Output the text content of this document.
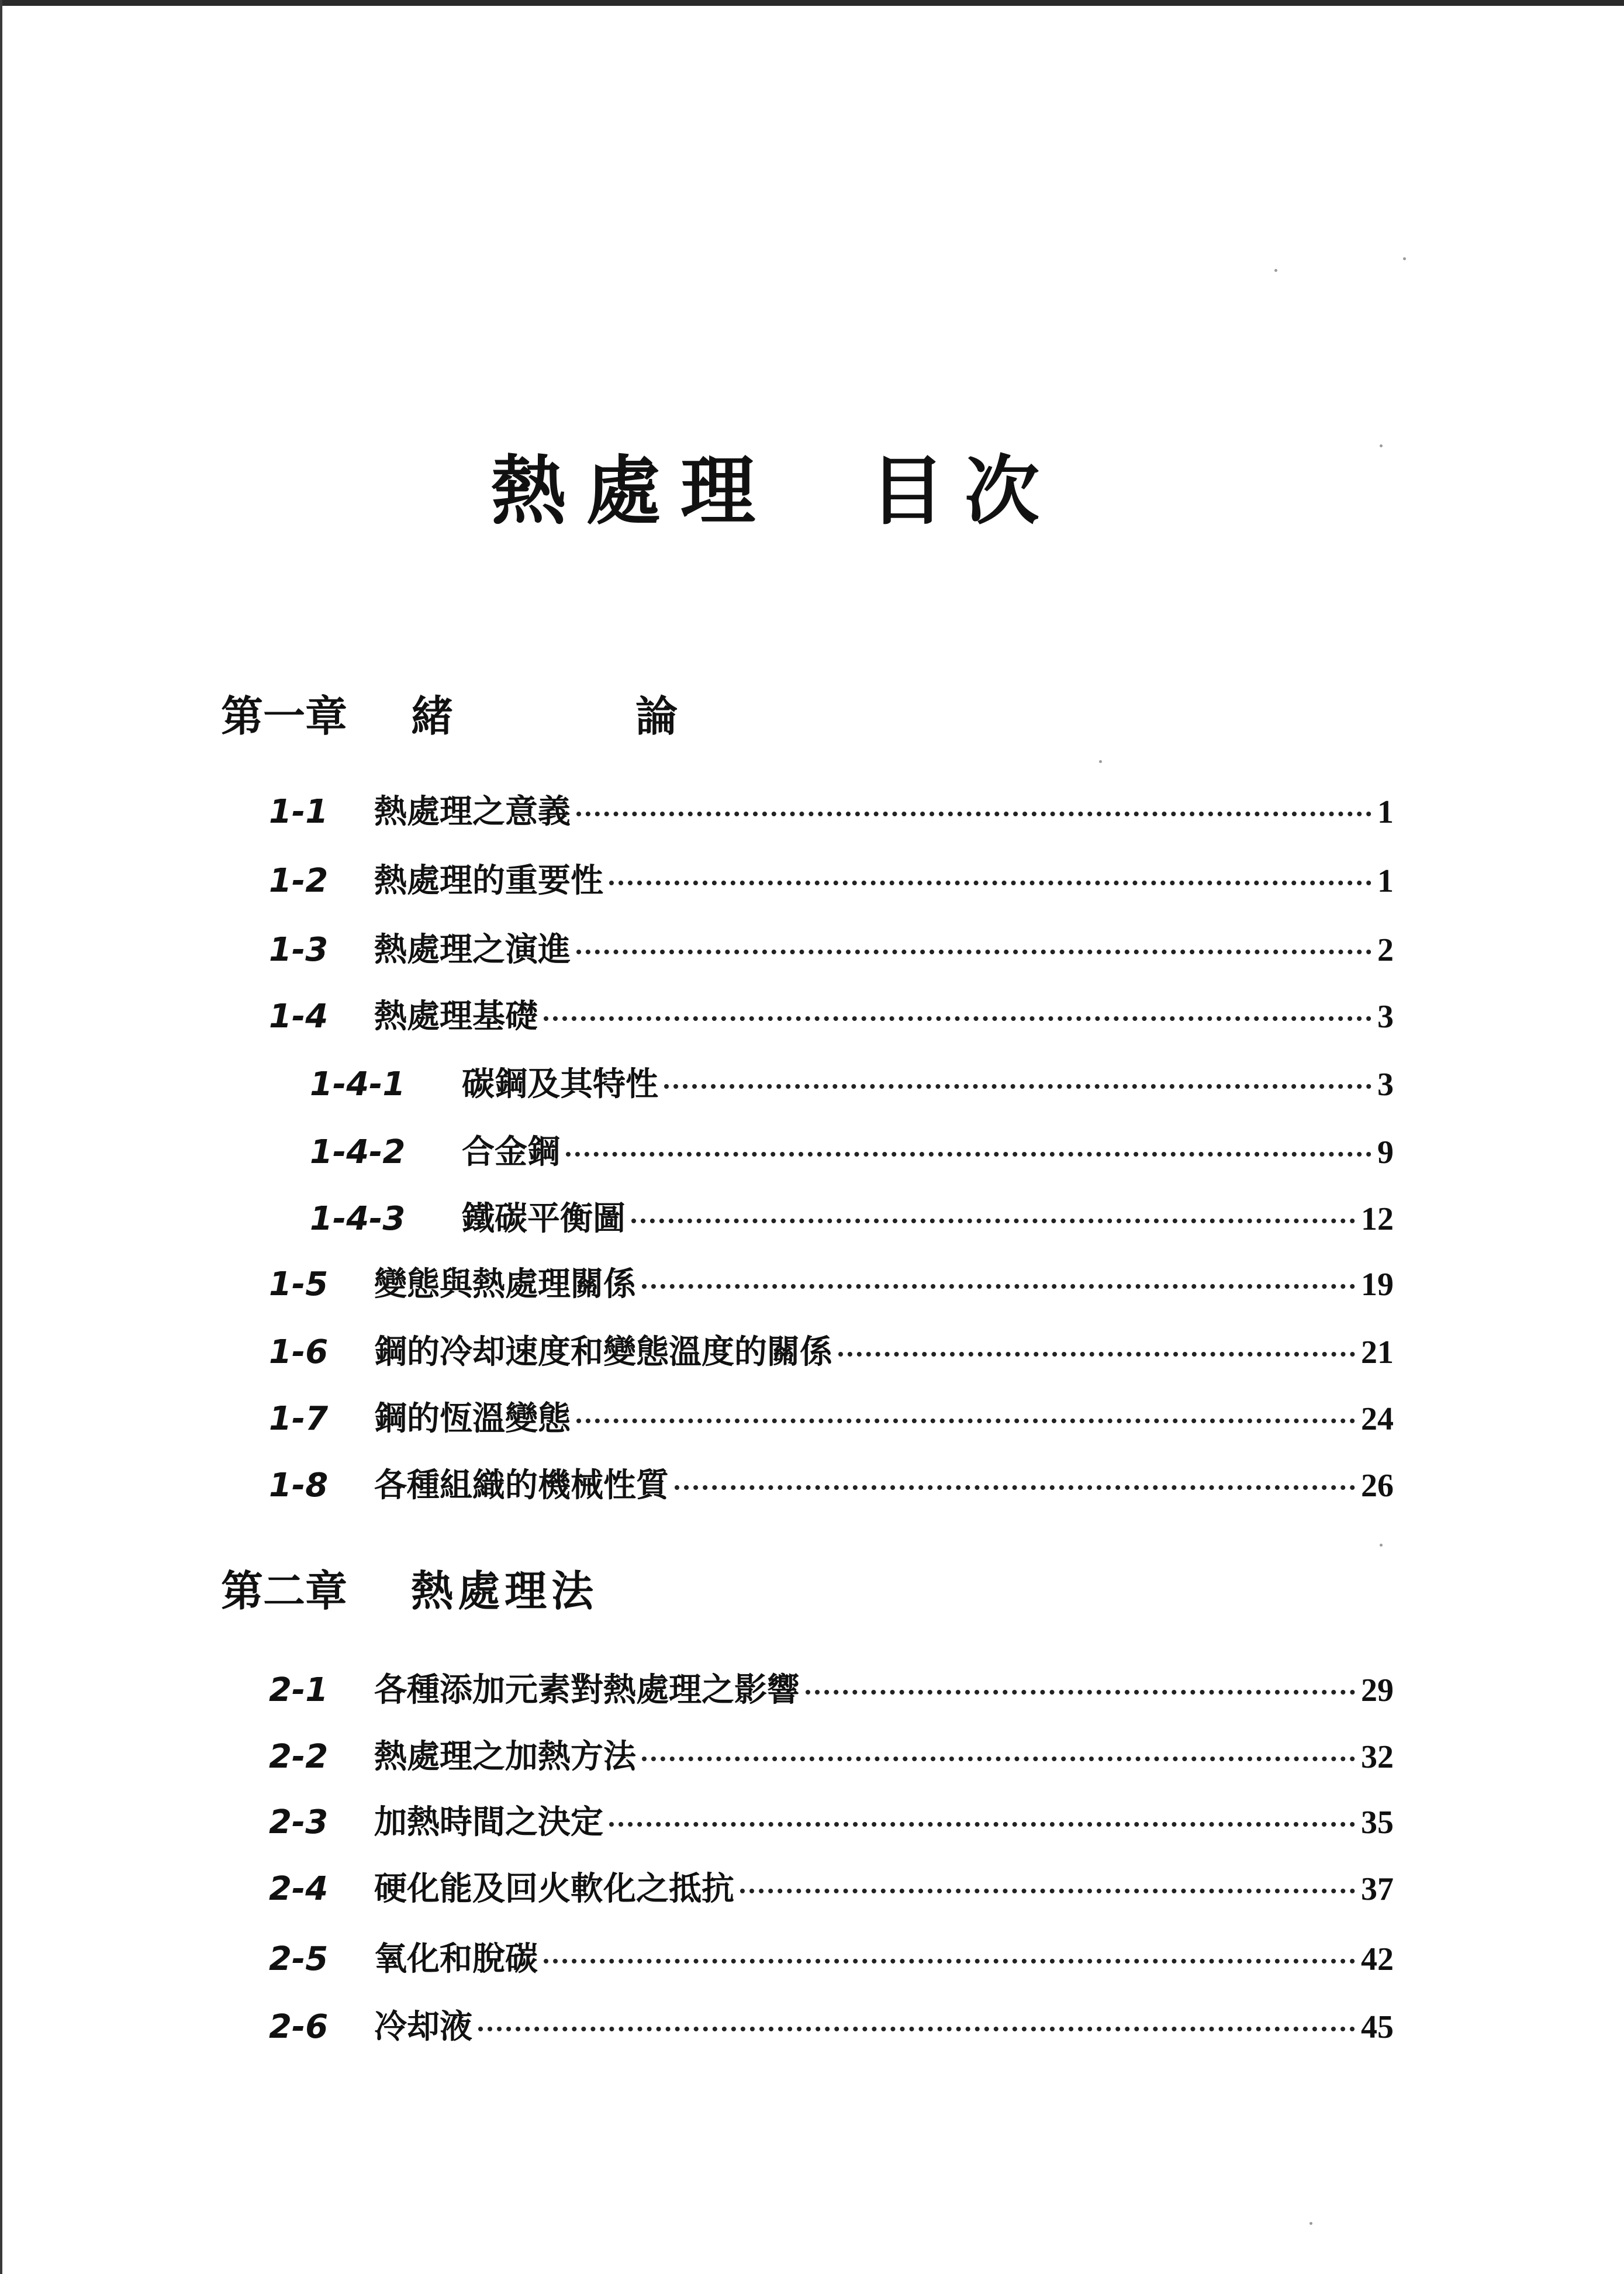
熱處理　目次
第一章 緒　論
1-1	熱處理之意義	1
1-2	熱處理的重要性	1
1-3	熱處理之演進	2
1-4	熱處理基礎	3
1-4-1	碳鋼及其特性	3
1-4-2	合金鋼	9
1-4-3	鐵碳平衡圖	12
1-5	變態與熱處理關係	19
1-6	鋼的冷却速度和變態溫度的關係	21
1-7	鋼的恆溫變態	24
1-8	各種組織的機械性質	26
第二章 熱處理法
2-1	各種添加元素對熱處理之影響	29
2-2	熱處理之加熱方法	32
2-3	加熱時間之決定	35
2-4	硬化能及回火軟化之抵抗	37
2-5	氧化和脫碳	42
2-6	冷却液	45
